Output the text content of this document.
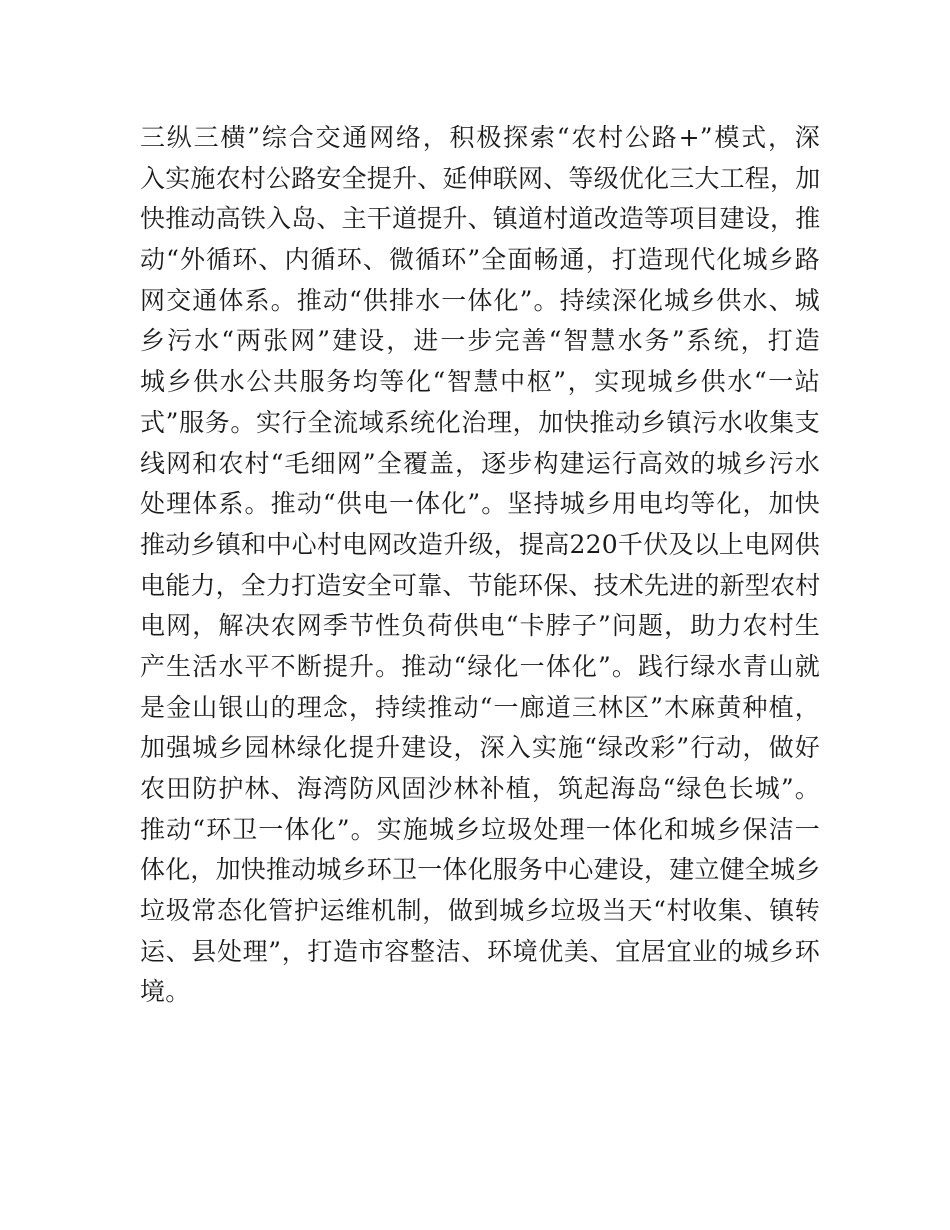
三纵三横”综合交通网络，积极探索“农村公路+”模式，深
入实施农村公路安全提升、延伸联网、等级优化三大工程，加
快推动高铁入岛、主干道提升、镇道村道改造等项目建设，推
动“外循环、内循环、微循环”全面畅通，打造现代化城乡路
网交通体系。推动“供排水一体化”。持续深化城乡供水、城
乡污水“两张网”建设，进一步完善“智慧水务”系统，打造
城乡供水公共服务均等化“智慧中枢”，实现城乡供水“一站
式”服务。实行全流域系统化治理，加快推动乡镇污水收集支
线网和农村“毛细网”全覆盖，逐步构建运行高效的城乡污水
处理体系。推动“供电一体化”。坚持城乡用电均等化，加快
推动乡镇和中心村电网改造升级，提高220千伏及以上电网供
电能力，全力打造安全可靠、节能环保、技术先进的新型农村
电网，解决农网季节性负荷供电“卡脖子”问题，助力农村生
产生活水平不断提升。推动“绿化一体化”。践行绿水青山就
是金山银山的理念，持续推动“一廊道三林区”木麻黄种植，
加强城乡园林绿化提升建设，深入实施“绿改彩”行动，做好
农田防护林、海湾防风固沙林补植，筑起海岛“绿色长城”。
推动“环卫一体化”。实施城乡垃圾处理一体化和城乡保洁一
体化，加快推动城乡环卫一体化服务中心建设，建立健全城乡
垃圾常态化管护运维机制，做到城乡垃圾当天“村收集、镇转
运、县处理”，打造市容整洁、环境优美、宜居宜业的城乡环
境。
